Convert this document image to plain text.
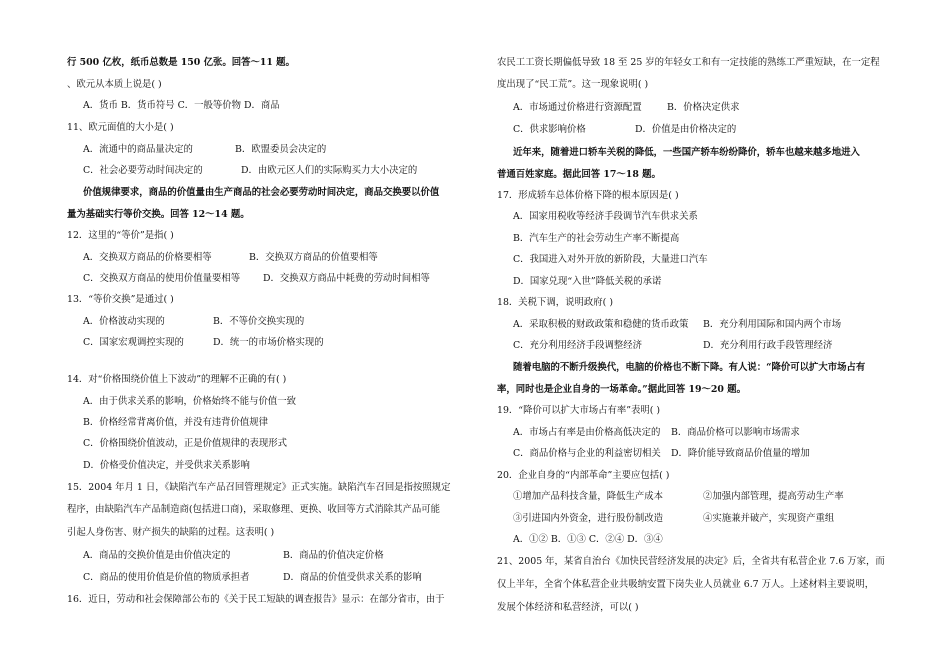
行 500 亿枚，纸币总数是 150 亿张。回答～11 题。
、欧元从本质上说是( )
A．货币 B．货币符号 C．一般等价物 D．商品
11、欧元面值的大小是( )
A．流通中的商品量决定的	B．欧盟委员会决定的
C．社会必要劳动时间决定的	D．由欧元区人们的实际购买力大小决定的
价值规律要求，商品的价值量由生产商品的社会必要劳动时间决定，商品交换要以价值
量为基础实行等价交换。回答 12～14 题。
12．这里的“等价”是指( )
A．交换双方商品的价格要相等	B．交换双方商品的价值要相等
C．交换双方商品的使用价值量要相等 D．交换双方商品中耗费的劳动时间相等
13．“等价交换”是通过( )
A．价格波动实现的	B．不等价交换实现的
C．国家宏观调控实现的	D．统一的市场价格实现的
14．对“价格围绕价值上下波动”的理解不正确的有( )
A．由于供求关系的影响，价格始终不能与价值一致
B．价格经常背离价值，并没有违背价值规律
C．价格围绕价值波动，正是价值规律的表现形式
D．价格受价值决定，并受供求关系影响
15．2004 年月 1 日，《缺陷汽车产品召回管理规定》正式实施。缺陷汽车召回是指按照规定
程序，由缺陷汽车产品制造商(包括进口商)，采取修理、更换、收回等方式消除其产品可能
引起人身伤害、财产损失的缺陷的过程。这表明( )
A．商品的交换价值是由价值决定的	B．商品的价值决定价格
C．商品的使用价值是价值的物质承担者	D．商品的价值受供求关系的影响
16．近日，劳动和社会保障部公布的《关于民工短缺的调查报告》显示：在部分省市，由于
农民工工资长期偏低导致 18 至 25 岁的年轻女工和有一定技能的熟练工严重短缺，在一定程
度出现了“民工荒”。这一现象说明( )
A．市场通过价格进行资源配置	B．价格决定供求
C．供求影响价格	D．价值是由价格决定的
近年来，随着进口轿车关税的降低，一些国产轿车纷纷降价，轿车也越来越多地进入
普通百姓家庭。据此回答 17～18 题。
17．形成轿车总体价格下降的根本原因是( )
A．国家用税收等经济手段调节汽车供求关系
B．汽车生产的社会劳动生产率不断提高
C．我国进入对外开放的新阶段，大量进口汽车
D．国家兑现“入世”降低关税的承诺
18．关税下调，说明政府( )
A．采取积极的财政政策和稳健的货币政策 B．充分利用国际和国内两个市场
C．充分利用经济手段调整经济	D．充分利用行政手段管理经济
随着电脑的不断升级换代，电脑的价格也不断下降。有人说：“降价可以扩大市场占有
率，同时也是企业自身的一场革命。”据此回答 19～20 题。
19．“降价可以扩大市场占有率”表明( )
A．市场占有率是由价格高低决定的 B．商品价格可以影响市场需求
C．商品价格与企业的利益密切相关 D．降价能导致商品价值量的增加
20．企业自身的“内部革命”主要应包括( )
①增加产品科技含量，降低生产成本	②加强内部管理，提高劳动生产率
③引进国内外资金，进行股份制改造	④实施兼并破产，实现资产重组
A．①② B．①③ C．②④ D．③④
21、2005 年，某省自治台《加快民营经济发展的决定》后，全省共有私营企业 7.6 万家，而
仅上半年，全省个体私营企业共吸纳安置下岗失业人员就业 6.7 万人。上述材料主要说明，
发展个体经济和私营经济，可以( )
